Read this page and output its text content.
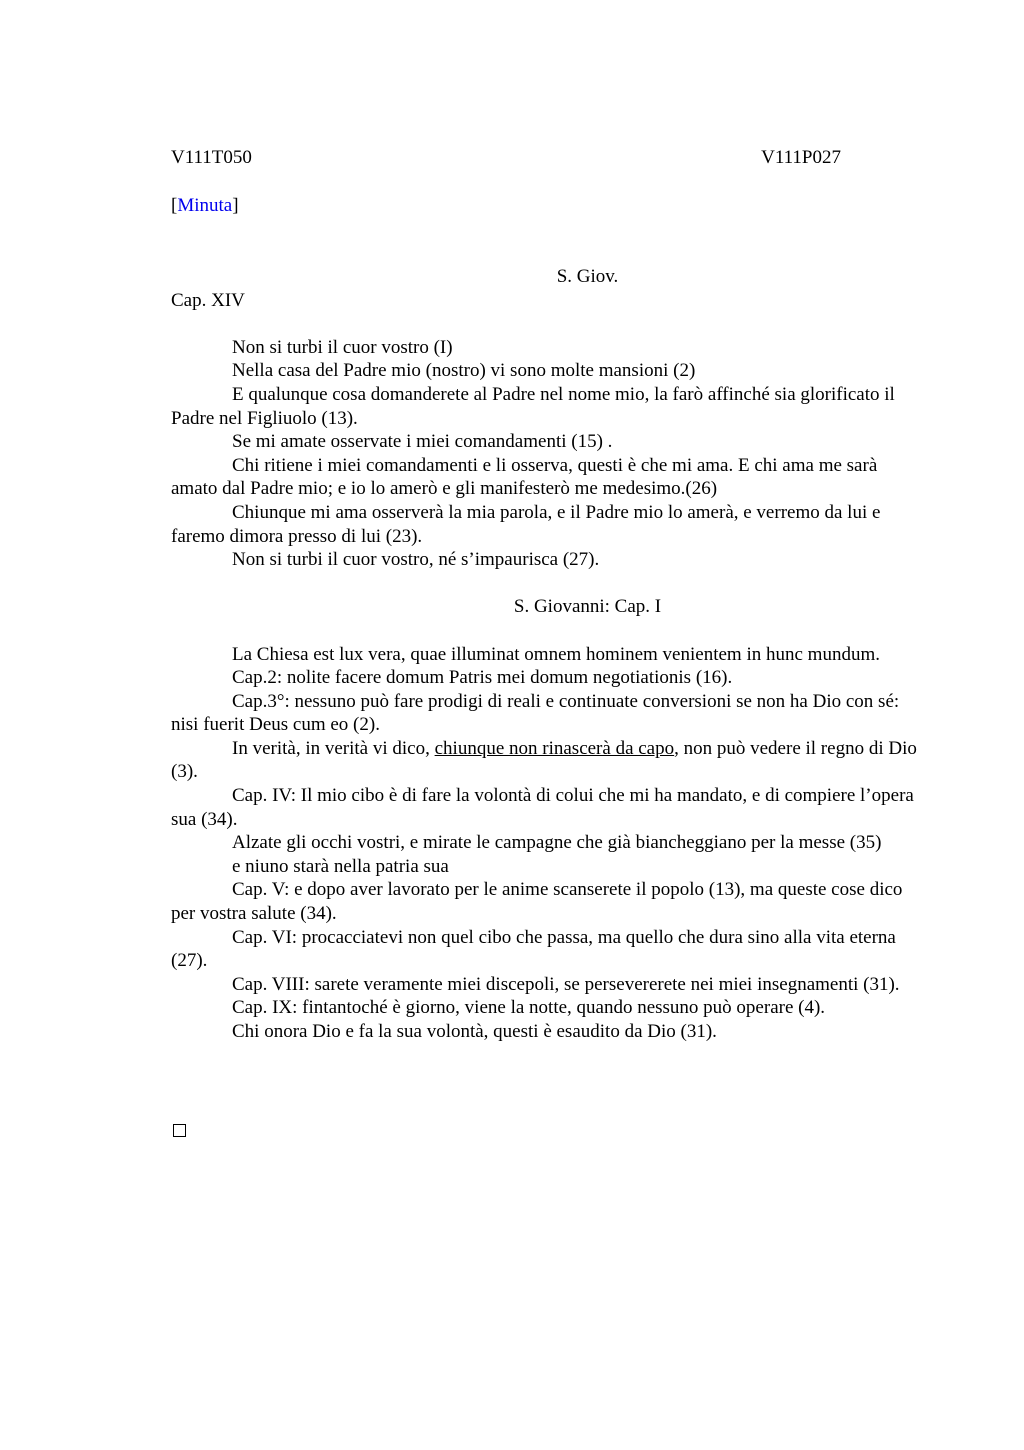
V111T050	V111P027
[Minuta]
S. Giov.

Cap. XIV

Non si turbi il cuor vostro (I)

Nella casa del Padre mio (nostro) vi sono molte mansioni (2)

E qualunque cosa domanderete al Padre nel nome mio, la farò affinché sia glorificato il Padre nel Figliuolo (13).

Se mi amate osservate i miei comandamenti (15) .

Chi ritiene i miei comandamenti e li osserva, questi è che mi ama. E chi ama me sarà amato dal Padre mio; e io lo amerò e gli manifesterò me medesimo.(26)

Chiunque mi ama osserverà la mia parola, e il Padre mio lo amerà, e verremo da lui e faremo dimora presso di lui (23).

Non si turbi il cuor vostro, né s’impaurisca (27).

S. Giovanni: Cap. I

La Chiesa est lux vera, quae illuminat omnem hominem venientem in hunc mundum.

Cap.2: nolite facere domum Patris mei domum negotiationis (16).

Cap.3°: nessuno può fare prodigi di reali e continuate conversioni se non ha Dio con sé: nisi fuerit Deus cum eo (2).

In verità, in verità vi dico, chiunque non rinascerà da capo, non può vedere il regno di Dio (3).

Cap. IV: Il mio cibo è di fare la volontà di colui che mi ha mandato, e di compiere l’opera sua (34).

Alzate gli occhi vostri, e mirate le campagne che già biancheggiano per la messe (35)

e niuno starà nella patria sua

Cap. V: e dopo aver lavorato per le anime scanserete il popolo (13), ma queste cose dico per vostra salute (34).

Cap. VI: procacciatevi non quel cibo che passa, ma quello che dura sino alla vita eterna (27).

Cap. VIII: sarete veramente miei discepoli, se persevererete nei miei insegnamenti (31).

Cap. IX: fintantoché è giorno, viene la notte, quando nessuno può operare (4).

Chi onora Dio e fa la sua volontà, questi è esaudito da Dio (31).
